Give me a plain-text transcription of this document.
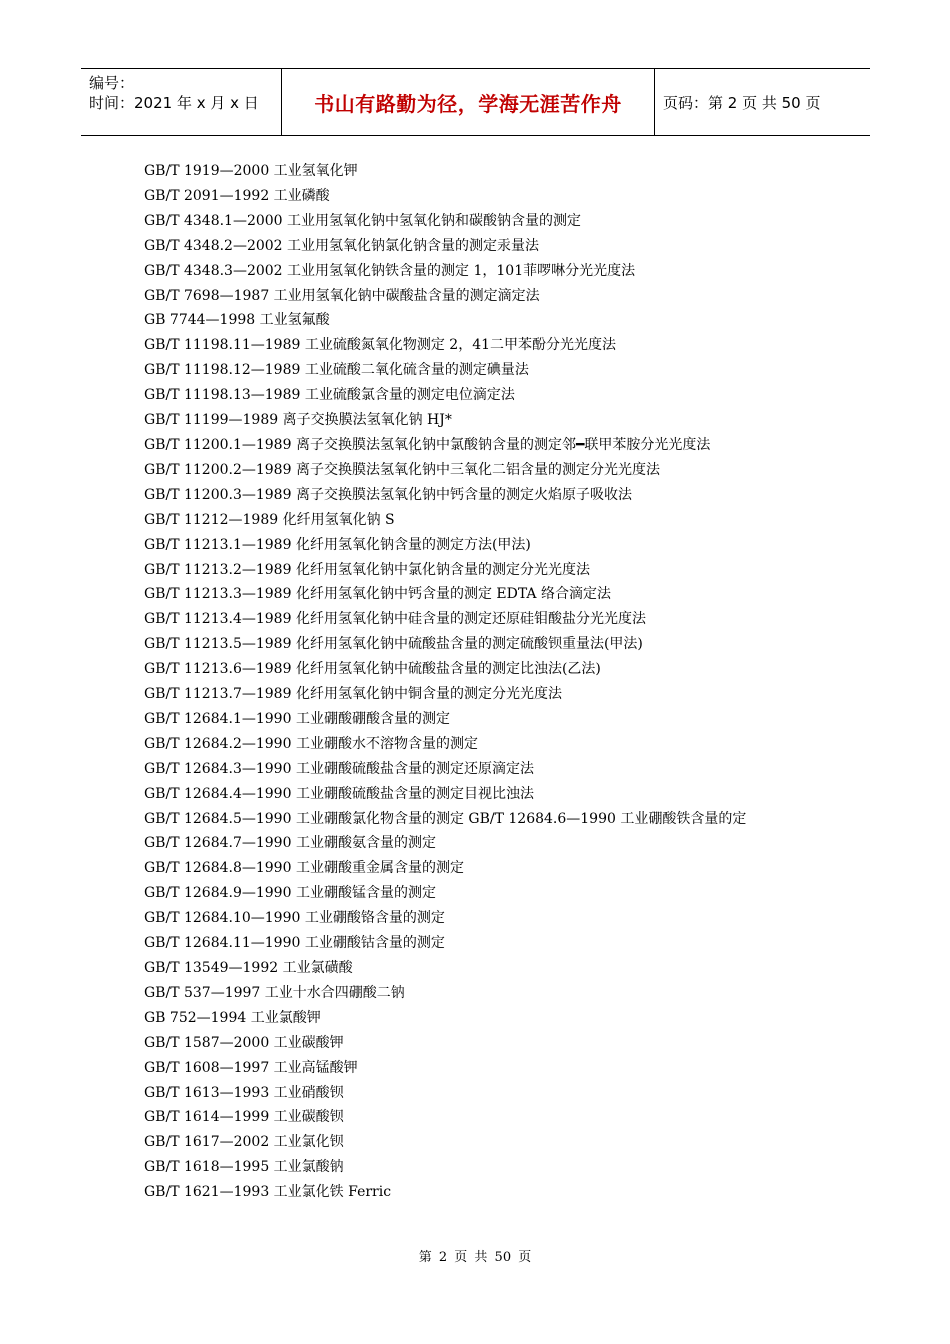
编号：
时间：2021 年 x 月 x 日	书山有路勤为径，学海无涯苦作舟	页码：第 2 页 共 50 页
GB/T 1919—2000 工业氢氧化钾
GB/T 2091—1992 工业磷酸
GB/T 4348.1—2000 工业用氢氧化钠中氢氧化钠和碳酸钠含量的测定
GB/T 4348.2—2002 工业用氢氧化钠氯化钠含量的测定汞量法
GB/T 4348.3—2002 工业用氢氧化钠铁含量的测定 1，101菲啰啉分光光度法
GB/T 7698—1987 工业用氢氧化钠中碳酸盐含量的测定滴定法
GB 7744—1998 工业氢氟酸
GB/T 11198.11—1989 工业硫酸氮氧化物测定 2，41二甲苯酚分光光度法
GB/T 11198.12—1989 工业硫酸二氧化硫含量的测定碘量法
GB/T 11198.13—1989 工业硫酸氯含量的测定电位滴定法
GB/T 11199—1989 离子交换膜法氢氧化钠 HJ*
GB/T 11200.1—1989 离子交换膜法氢氧化钠中氯酸钠含量的测定邻━联甲苯胺分光光度法
GB/T 11200.2—1989 离子交换膜法氢氧化钠中三氧化二铝含量的测定分光光度法
GB/T 11200.3—1989 离子交换膜法氢氧化钠中钙含量的测定火焰原子吸收法
GB/T 11212—1989 化纤用氢氧化钠 S
GB/T 11213.1—1989 化纤用氢氧化钠含量的测定方法(甲法)
GB/T 11213.2—1989 化纤用氢氧化钠中氯化钠含量的测定分光光度法
GB/T 11213.3—1989 化纤用氢氧化钠中钙含量的测定 EDTA 络合滴定法
GB/T 11213.4—1989 化纤用氢氧化钠中硅含量的测定还原硅钼酸盐分光光度法
GB/T 11213.5—1989 化纤用氢氧化钠中硫酸盐含量的测定硫酸钡重量法(甲法)
GB/T 11213.6—1989 化纤用氢氧化钠中硫酸盐含量的测定比浊法(乙法)
GB/T 11213.7—1989 化纤用氢氧化钠中铜含量的测定分光光度法
GB/T 12684.1—1990 工业硼酸硼酸含量的测定
GB/T 12684.2—1990 工业硼酸水不溶物含量的测定
GB/T 12684.3—1990 工业硼酸硫酸盐含量的测定还原滴定法
GB/T 12684.4—1990 工业硼酸硫酸盐含量的测定目视比浊法
GB/T 12684.5—1990 工业硼酸氯化物含量的测定 GB/T 12684.6—1990 工业硼酸铁含量的定
GB/T 12684.7—1990 工业硼酸氨含量的测定
GB/T 12684.8—1990 工业硼酸重金属含量的测定
GB/T 12684.9—1990 工业硼酸锰含量的测定
GB/T 12684.10—1990 工业硼酸铬含量的测定
GB/T 12684.11—1990 工业硼酸钴含量的测定
GB/T 13549—1992 工业氯磺酸
GB/T 537—1997 工业十水合四硼酸二钠
GB 752—1994 工业氯酸钾
GB/T 1587—2000 工业碳酸钾
GB/T 1608—1997 工业高锰酸钾
GB/T 1613—1993 工业硝酸钡
GB/T 1614—1999 工业碳酸钡
GB/T 1617—2002 工业氯化钡
GB/T 1618—1995 工业氯酸钠
GB/T 1621—1993 工业氯化铁 Ferric
第 2 页 共 50 页
